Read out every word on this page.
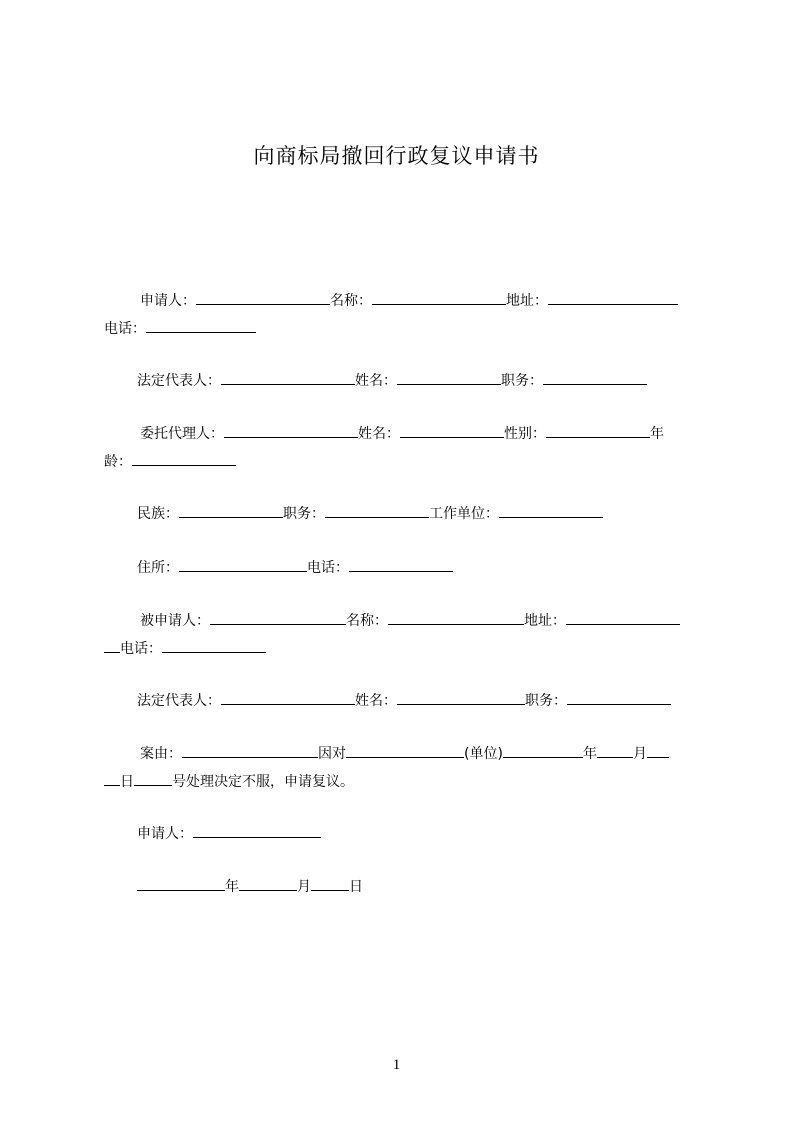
向商标局撤回行政复议申请书
申请人：	名称：	地址：
电话：
法定代表人：	姓名：	职务：
委托代理人：	姓名：	性别：	年
龄：
民族：	职务：	工作单位：
住所：	电话：
被申请人：	名称：	地址：
电话：
法定代表人：	姓名：	职务：
案由：	因对	(单位)	年	月
日	号处理决定不服，申请复议。
申请人：
年	月	日
1
